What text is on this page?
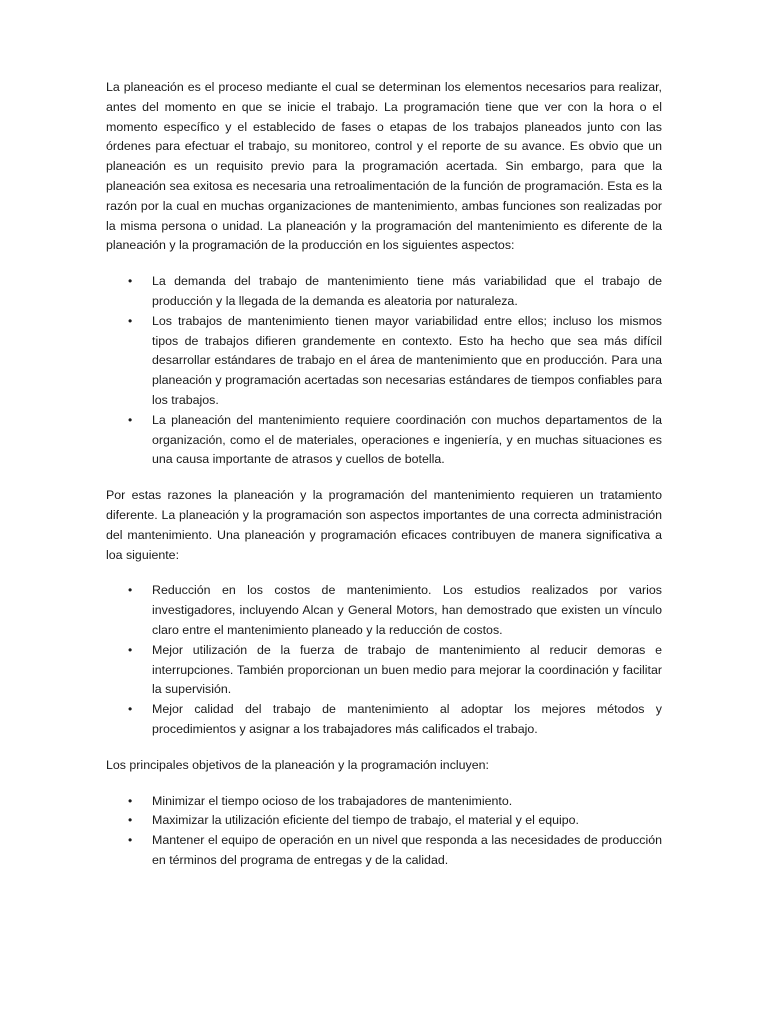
La planeación es el proceso mediante el cual se determinan los elementos necesarios para realizar, antes del momento en que se inicie el trabajo. La programación tiene que ver con la hora o el momento específico y el establecido de fases o etapas de los trabajos planeados junto con las órdenes para efectuar el trabajo, su monitoreo, control y el reporte de su avance. Es obvio que un planeación es un requisito previo para la programación acertada. Sin embargo, para que la planeación sea exitosa es necesaria una retroalimentación de la función de programación. Esta es la razón por la cual en muchas organizaciones de mantenimiento, ambas funciones son realizadas por la misma persona o unidad. La planeación y la programación del mantenimiento es diferente de la planeación y la programación de la producción en los siguientes aspectos:

• La demanda del trabajo de mantenimiento tiene más variabilidad que el trabajo de producción y la llegada de la demanda es aleatoria por naturaleza.
• Los trabajos de mantenimiento tienen mayor variabilidad entre ellos; incluso los mismos tipos de trabajos difieren grandemente en contexto. Esto ha hecho que sea más difícil desarrollar estándares de trabajo en el área de mantenimiento que en producción. Para una planeación y programación acertadas son necesarias estándares de tiempos confiables para los trabajos.
• La planeación del mantenimiento requiere coordinación con muchos departamentos de la organización, como el de materiales, operaciones e ingeniería, y en muchas situaciones es una causa importante de atrasos y cuellos de botella.

Por estas razones la planeación y la programación del mantenimiento requieren un tratamiento diferente. La planeación y la programación son aspectos importantes de una correcta administración del mantenimiento. Una planeación y programación eficaces contribuyen de manera significativa a loa siguiente:

• Reducción en los costos de mantenimiento. Los estudios realizados por varios investigadores, incluyendo Alcan y General Motors, han demostrado que existen un vínculo claro entre el mantenimiento planeado y la reducción de costos.
• Mejor utilización de la fuerza de trabajo de mantenimiento al reducir demoras e interrupciones. También proporcionan un buen medio para mejorar la coordinación y facilitar la supervisión.
• Mejor calidad del trabajo de mantenimiento al adoptar los mejores métodos y procedimientos y asignar a los trabajadores más calificados el trabajo.

Los principales objetivos de la planeación y la programación incluyen:

• Minimizar el tiempo ocioso de los trabajadores de mantenimiento.
• Maximizar la utilización eficiente del tiempo de trabajo, el material y el equipo.
• Mantener el equipo de operación en un nivel que responda a las necesidades de producción en términos del programa de entregas y de la calidad.
